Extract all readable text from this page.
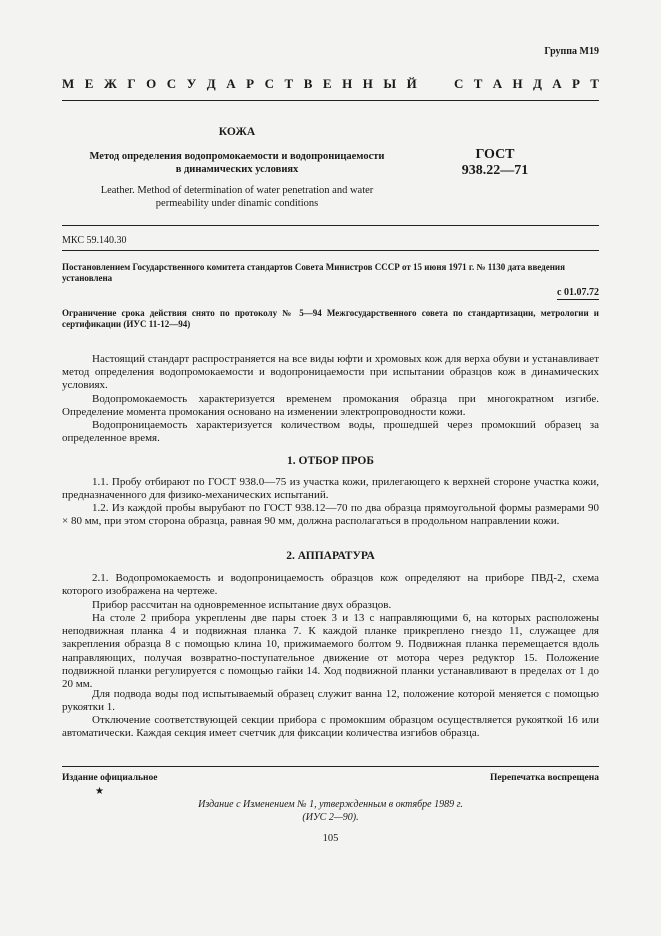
Группа М19
М Е Ж Г О С У Д А Р С Т В Е Н Н Ы Й	С Т А Н Д А Р Т
КОЖА
Метод определения водопромокаемости и водопроницаемости
в динамических условиях
Leather. Method of determination of water penetration and water
permeability under dinamic conditions
ГОСТ
938.22—71
МКС 59.140.30
Постановлением Государственного комитета стандартов Совета Министров СССР от 15 июня 1971 г. № 1130 дата введения установлена
с 01.07.72
Ограничение срока действия снято по протоколу № 5—94 Межгосударственного совета по стандартизации, метрологии и сертификации (ИУС 11-12—94)
Настоящий стандарт распространяется на все виды юфти и хромовых кож для верха обуви и устанавливает метод определения водопромокаемости и водопроницаемости при испытании образцов кож в динамических условиях.
Водопромокаемость характеризуется временем промокания образца при многократном изгибе. Определение момента промокания основано на изменении электропроводности кожи.
Водопроницаемость характеризуется количеством воды, прошедшей через промокший образец за определенное время.
1. ОТБОР ПРОБ
1.1. Пробу отбирают по ГОСТ 938.0—75 из участка кожи, прилегающего к верхней стороне участка кожи, предназначенного для физико-механических испытаний.
1.2. Из каждой пробы вырубают по ГОСТ 938.12—70 по два образца прямоугольной формы размерами 90 × 80 мм, при этом сторона образца, равная 90 мм, должна располагаться в продольном направлении кожи.
2. АППАРАТУРА
2.1. Водопромокаемость и водопроницаемость образцов кож определяют на приборе ПВД-2, схема которого изображена на чертеже.
Прибор рассчитан на одновременное испытание двух образцов.
На столе 2 прибора укреплены две пары стоек 3 и 13 с направляющими 6, на которых расположены неподвижная планка 4 и подвижная планка 7. К каждой планке прикреплено гнездо 11, служащее для закрепления образца 8 с помощью клина 10, прижимаемого болтом 9. Подвижная планка перемещается вдоль направляющих, получая возвратно-поступательное движение от мотора через редуктор 15. Положение подвижной планки регулируется с помощью гайки 14. Ход подвижной планки устанавливают в пределах от 1 до 20 мм.
Для подвода воды под испытываемый образец служит ванна 12, положение которой меняется с помощью рукоятки 1.
Отключение соответствующей секции прибора с промокшим образцом осуществляется рукояткой 16 или автоматически. Каждая секция имеет счетчик для фиксации количества изгибов образца.
Издание официальное	Перепечатка воспрещена
★
Издание с Изменением № 1, утвержденным в октябре 1989 г.
(ИУС 2—90).
105
